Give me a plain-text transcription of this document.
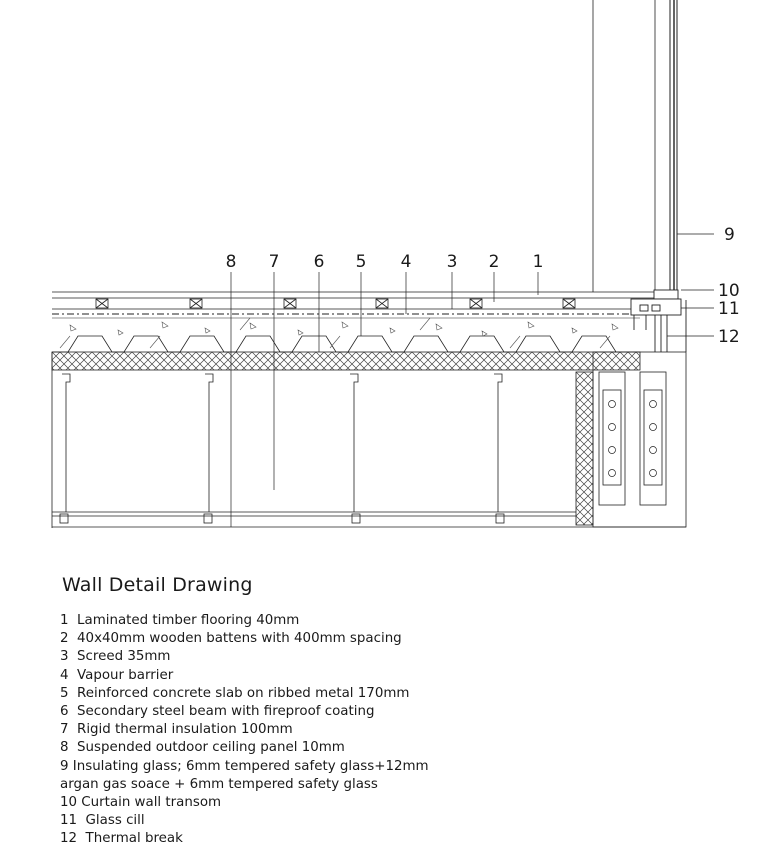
8 7 6 5 4 3 2 1
9
10
11
12
Wall Detail Drawing
1  Laminated timber flooring 40mm
2  40x40mm wooden battens with 400mm spacing
3  Screed 35mm
4  Vapour barrier
5  Reinforced concrete slab on ribbed metal 170mm
6  Secondary steel beam with fireproof coating
7  Rigid thermal insulation 100mm
8  Suspended outdoor ceiling panel 10mm
9 Insulating glass; 6mm tempered safety glass+12mm
argan gas soace + 6mm tempered safety glass
10 Curtain wall transom
11  Glass cill
12  Thermal break
